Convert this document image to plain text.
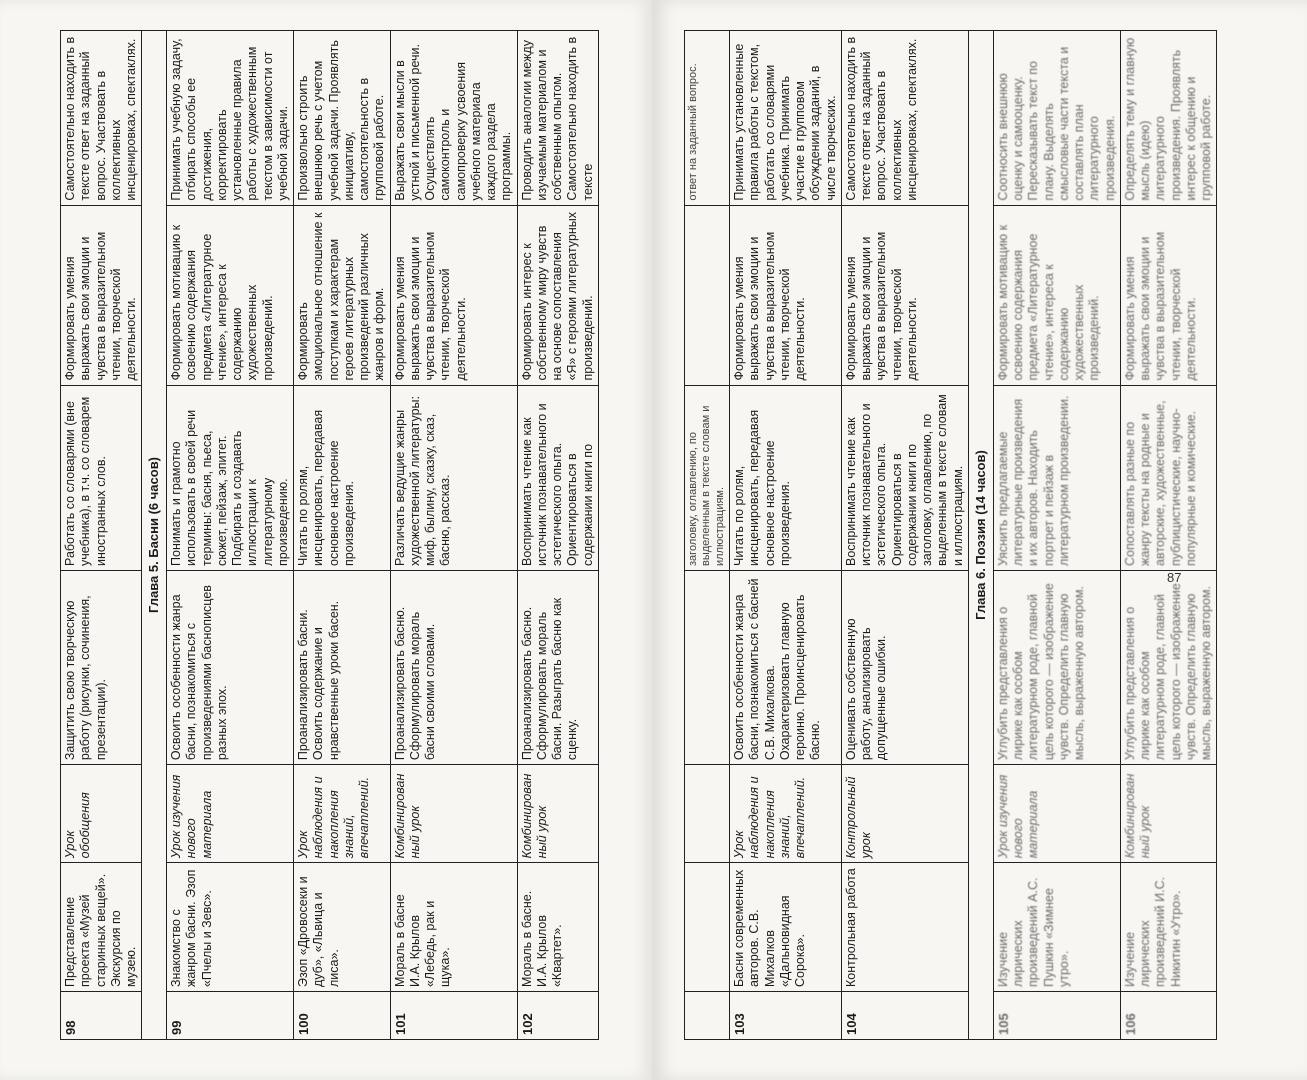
98	Представление проекта «Музей старинных вещей». Экскурсия по музею.	Урок обобщения	Защитить свою творческую работу (рисунки, сочинения, презентации).	Работать со словарями (вне учебника), в т.ч. со словарем иностранных слов.	Формировать умения выражать свои эмоции и чувства в выразительном чтении, творческой деятельности.	Самостоятельно находить в тексте ответ на заданный вопрос. Участвовать в коллективных инсценировках, спектаклях.
Глава 5. Басни (6 часов)						
99	Знакомство с жанром басни. Эзоп «Пчелы и Зевс».	Урок изучения нового материала	Освоить особенности жанра басни, познакомиться с произведениями баснописцев разных эпох.	Понимать и грамотно использовать в своей речи термины: басня, пьеса, сюжет, пейзаж, эпитет. Подбирать и создавать иллюстрации к литературному произведению.	Формировать мотивацию к освоению содержания предмета «Литературное чтение», интереса к содержанию художественных произведений.	Принимать учебную задачу, отбирать способы ее достижения, корректировать установленные правила работы с художественным текстом в зависимости от учебной задачи.
100	Эзоп «Дровосеки и дуб», «Львица и лиса».	Урок наблюдения и накопления знаний, впечатлений.	Проанализировать басни. Освоить содержание и нравственные уроки басен.	Читать по ролям, инсценировать, передавая основное настроение произведения.	Формировать эмоциональное отношение к поступкам и характерам героев литературных произведений различных жанров и форм.	Произвольно строить внешнюю речь с учетом учебной задачи. Проявлять инициативу, самостоятельность в групповой работе.
101	Мораль в басне И.А. Крылов «Лебедь, рак и щука».	Комбинированный урок	Проанализировать басню. Сформулировать мораль басни своими словами.	Различать ведущие жанры художественной литературы: миф, былину, сказку, сказ, басню, рассказ.	Формировать умения выражать свои эмоции и чувства в выразительном чтении, творческой деятельности.	Выражать свои мысли в устной и письменной речи. Осуществлять самоконтроль и самопроверку усвоения учебного материала каждого раздела программы.
102	Мораль в басне. И.А. Крылов «Квартет».	Комбинированный урок	Проанализировать басню. Сформулировать мораль басни. Разыграть басню как сценку.	Воспринимать чтение как источник познавательного и эстетического опыта. Ориентироваться в содержании книги по	Формировать интерес к собственному миру чувств на основе сопоставления «Я» с героями литературных произведений.	Проводить аналогии между изучаемым материалом и собственным опытом. Самостоятельно находить в тексте
				заголовку, оглавлению, по выделенным в тексте словам и иллюстрациям.		ответ на заданный вопрос.
103	Басни современных авторов. С.В. Михалков «Дальновидная Сорока».	Урок наблюдения и накопления знаний, впечатлений.	Освоить особенности жанра басни, познакомиться с басней С.В. Михалкова. Охарактеризовать главную героиню. Проинсценировать басню.	Читать по ролям, инсценировать, передавая основное настроение произведения.	Формировать умения выражать свои эмоции и чувства в выразительном чтении, творческой деятельности.	Принимать установленные правила работы с текстом, работать со словарями учебника. Принимать участие в групповом обсуждении заданий, в числе творческих.
104	Контрольная работа	Контрольный урок	Оценивать собственную работу, анализировать допущенные ошибки.	Воспринимать чтение как источник познавательного и эстетического опыта. Ориентироваться в содержании книги по заголовку, оглавлению, по выделенным в тексте словам и иллюстрациям.	Формировать умения выражать свои эмоции и чувства в выразительном чтении, творческой деятельности.	Самостоятельно находить в тексте ответ на заданный вопрос. Участвовать в коллективных инсценировках, спектаклях.
Глава 6. Поэзия (14 часов)						
105	Изучение лирических произведений А.С. Пушкин «Зимнее утро».	Урок изучения нового материала	Углубить представления о лирике как особом литературном роде, главной цель которого — изображение чувств. Определить главную мысль, выраженную автором.	Уяснить предлагаемые литературные произведения и их авторов. Находить портрет и пейзаж в литературном произведении.	Формировать мотивацию к освоению содержания предмета «Литературное чтение», интереса к содержанию художественных произведений.	Соотносить внешнюю оценку и самооценку. Пересказывать текст по плану. Выделять смысловые части текста и составлять план литературного произведения.
106	Изучение лирических произведений И.С. Никитин «Утро».	Комбинированный урок	Углубить представления о лирике как особом литературном роде, главной цель которого — изображение чувств. Определить главную мысль, выраженную автором.	Сопоставлять разные по жанру тексты на родные и авторские, художественные, публицистические, научно-популярные и комические.	Формировать умения выражать свои эмоции и чувства в выразительном чтении, творческой деятельности.	Определять тему и главную мысль (идею) литературного произведения. Проявлять интерес к общению и групповой работе.
87
